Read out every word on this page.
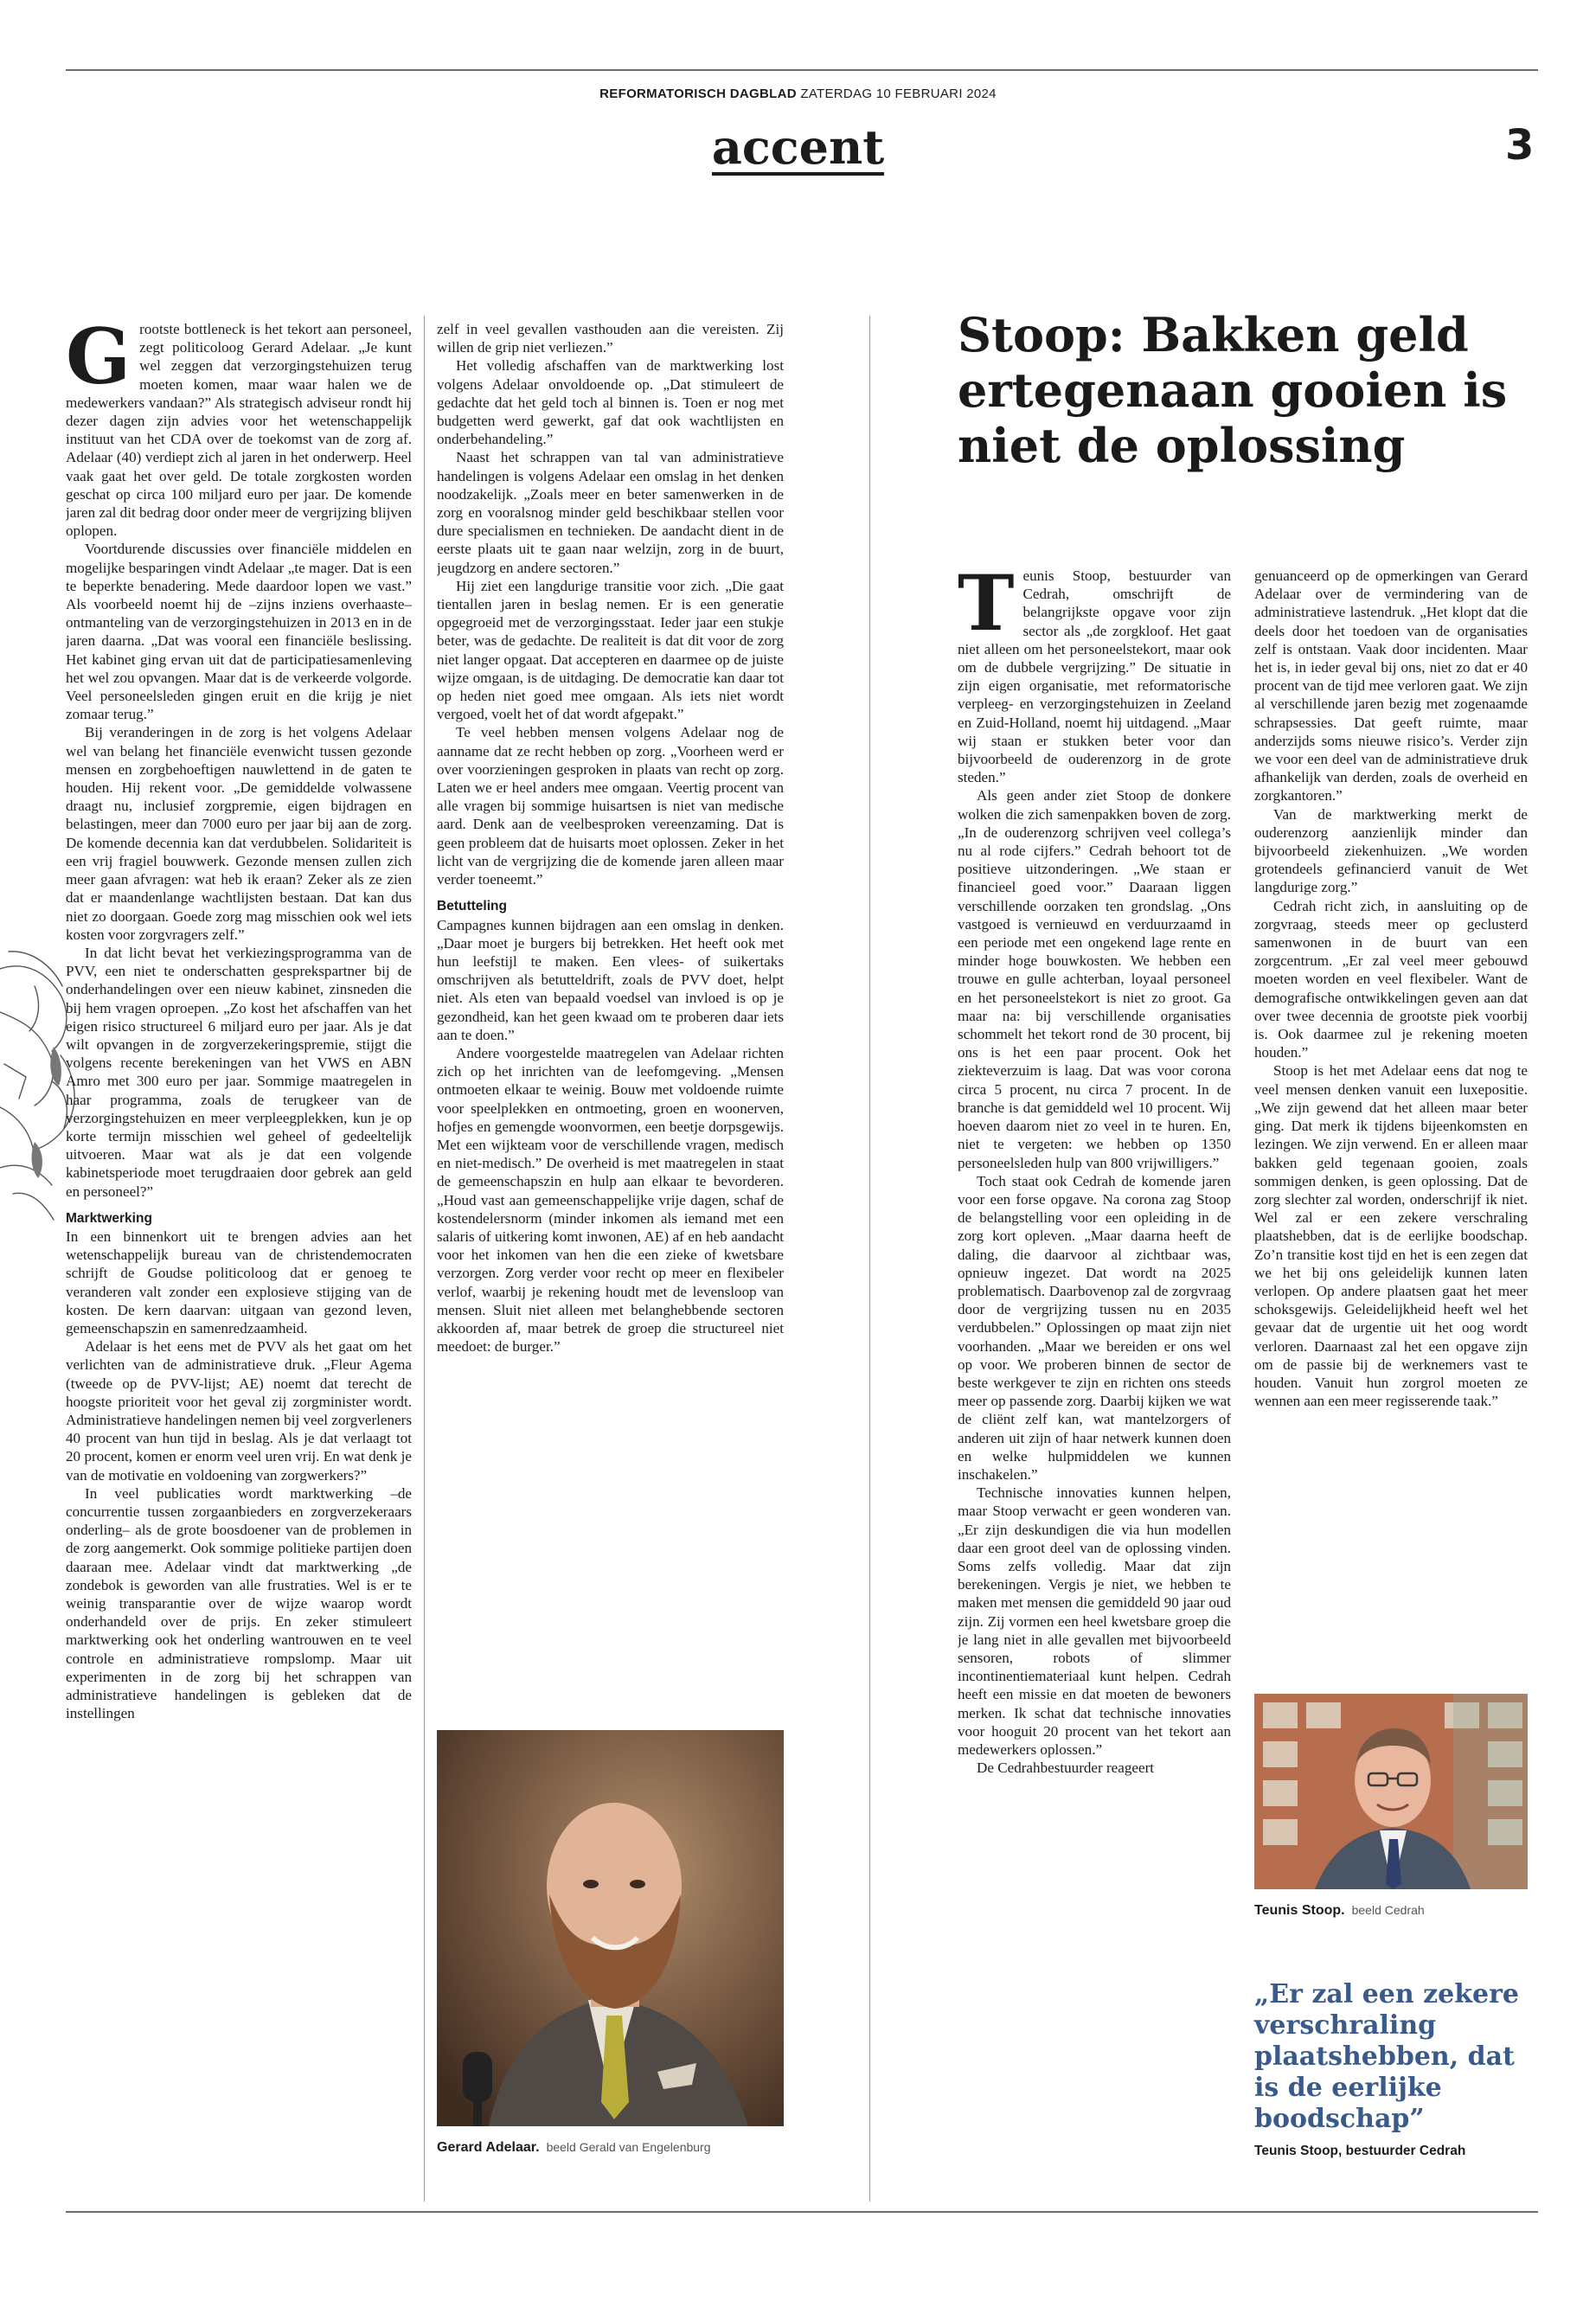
REFORMATORISCH DAGBLAD ZATERDAG 10 FEBRUARI 2024
accent	3
G rootste bottleneck is het tekort aan personeel, zegt politicoloog Gerard Adelaar. „Je kunt wel zeggen dat verzorgingstehuizen terug moeten komen, maar waar halen we de medewerkers vandaan?” Als strategisch adviseur rondt hij dezer dagen zijn advies voor het wetenschappelijk instituut van het CDA over de toekomst van de zorg af. Adelaar (40) verdiept zich al jaren in het onderwerp. Heel vaak gaat het over geld. De totale zorgkosten worden geschat op circa 100 miljard euro per jaar. De komende jaren zal dit bedrag door onder meer de vergrijzing blijven oplopen.

Voortdurende discussies over financiële middelen en mogelijke besparingen vindt Adelaar „te mager. Dat is een te beperkte benadering. Mede daardoor lopen we vast.” Als voorbeeld noemt hij de –zijns inziens overhaaste– ontmanteling van de verzorgingstehuizen in 2013 en in de jaren daarna. „Dat was vooral een financiële beslissing. Het kabinet ging ervan uit dat de participatiesamenleving het wel zou opvangen. Maar dat is de verkeerde volgorde. Veel personeelsleden gingen eruit en die krijg je niet zomaar terug.”

Bij veranderingen in de zorg is het volgens Adelaar wel van belang het financiële evenwicht tussen gezonde mensen en zorgbehoeftigen nauwlettend in de gaten te houden. Hij rekent voor. „De gemiddelde volwassene draagt nu, inclusief zorgpremie, eigen bijdragen en belastingen, meer dan 7000 euro per jaar bij aan de zorg. De komende decennia kan dat verdubbelen. Solidariteit is een vrij fragiel bouwwerk. Gezonde mensen zullen zich meer gaan afvragen: wat heb ik eraan? Zeker als ze zien dat er maandenlange wachtlijsten bestaan. Dat kan dus niet zo doorgaan. Goede zorg mag misschien ook wel iets kosten voor zorgvragers zelf.”

In dat licht bevat het verkiezingsprogramma van de PVV, een niet te onderschatten gesprekspartner bij de onderhandelingen over een nieuw kabinet, zinsneden die bij hem vragen oproepen. „Zo kost het afschaffen van het eigen risico structureel 6 miljard euro per jaar. Als je dat wilt opvangen in de zorgverzekeringspremie, stijgt die volgens recente berekeningen van het VWS en ABN Amro met 300 euro per jaar. Sommige maatregelen in haar programma, zoals de terugkeer van de verzorgingstehuizen en meer verpleegplekken, kun je op korte termijn misschien wel geheel of gedeeltelijk uitvoeren. Maar wat als je dat een volgende kabinetsperiode moet terugdraaien door gebrek aan geld en personeel?”

Marktwerking

In een binnenkort uit te brengen advies aan het wetenschappelijk bureau van de christendemocraten schrijft de Goudse politicoloog dat er genoeg te veranderen valt zonder een explosieve stijging van de kosten. De kern daarvan: uitgaan van gezond leven, gemeenschapszin en samenredzaamheid.

Adelaar is het eens met de PVV als het gaat om het verlichten van de administratieve druk. „Fleur Agema (tweede op de PVV-lijst; AE) noemt dat terecht de hoogste prioriteit voor het geval zij zorgminister wordt. Administratieve handelingen nemen bij veel zorgverleners 40 procent van hun tijd in beslag. Als je dat verlaagt tot 20 procent, komen er enorm veel uren vrij. En wat denk je van de motivatie en voldoening van zorgwerkers?”

In veel publicaties wordt marktwerking –de concurrentie tussen zorgaanbieders en zorgverzekeraars onderling– als de grote boosdoener van de problemen in de zorg aangemerkt. Ook sommige politieke partijen doen daaraan mee. Adelaar vindt dat marktwerking „de zondebok is geworden van alle frustraties. Wel is er te weinig transparantie over de wijze waarop wordt onderhandeld over de prijs. En zeker stimuleert marktwerking ook het onderling wantrouwen en te veel controle en administratieve rompslomp. Maar uit experimenten in de zorg bij het schrappen van administratieve handelingen is gebleken dat de instellingen

zelf in veel gevallen vasthouden aan die vereisten. Zij willen de grip niet verliezen.”

Het volledig afschaffen van de marktwerking lost volgens Adelaar onvoldoende op. „Dat stimuleert de gedachte dat het geld toch al binnen is. Toen er nog met budgetten werd gewerkt, gaf dat ook wachtlijsten en onderbehandeling.”

Naast het schrappen van tal van administratieve handelingen is volgens Adelaar een omslag in het denken noodzakelijk. „Zoals meer en beter samenwerken in de zorg en vooralsnog minder geld beschikbaar stellen voor dure specialismen en technieken. De aandacht dient in de eerste plaats uit te gaan naar welzijn, zorg in de buurt, jeugdzorg en andere sectoren.”

Hij ziet een langdurige transitie voor zich. „Die gaat tientallen jaren in beslag nemen. Er is een generatie opgegroeid met de verzorgingsstaat. Ieder jaar een stukje beter, was de gedachte. De realiteit is dat dit voor de zorg niet langer opgaat. Dat accepteren en daarmee op de juiste wijze omgaan, is de uitdaging. De democratie kan daar tot op heden niet goed mee omgaan. Als iets niet wordt vergoed, voelt het of dat wordt afgepakt.”

Te veel hebben mensen volgens Adelaar nog de aanname dat ze recht hebben op zorg. „Voorheen werd er over voorzieningen gesproken in plaats van recht op zorg. Laten we er heel anders mee omgaan. Veertig procent van alle vragen bij sommige huisartsen is niet van medische aard. Denk aan de veelbesproken vereenzaming. Dat is geen probleem dat de huisarts moet oplossen. Zeker in het licht van de vergrijzing die de komende jaren alleen maar verder toeneemt.”

Betutteling

Campagnes kunnen bijdragen aan een omslag in denken. „Daar moet je burgers bij betrekken. Het heeft ook met hun leefstijl te maken. Een vlees- of suikertaks omschrijven als betutteldrift, zoals de PVV doet, helpt niet. Als eten van bepaald voedsel van invloed is op je gezondheid, kan het geen kwaad om te proberen daar iets aan te doen.”

Andere voorgestelde maatregelen van Adelaar richten zich op het inrichten van de leefomgeving. „Mensen ontmoeten elkaar te weinig. Bouw met voldoende ruimte voor speelplekken en ontmoeting, groen en woonerven, hofjes en gemengde woonvormen, een beetje dorpsgewijs. Met een wijkteam voor de verschillende vragen, medisch en niet-medisch.” De overheid is met maatregelen in staat de gemeenschapszin en hulp aan elkaar te bevorderen. „Houd vast aan gemeenschappelijke vrije dagen, schaf de kostendelersnorm (minder inkomen als iemand met een salaris of uitkering komt inwonen, AE) af en heb aandacht voor het inkomen van hen die een zieke of kwetsbare verzorgen. Zorg verder voor recht op meer en flexibeler verlof, waarbij je rekening houdt met de levensloop van mensen. Sluit niet alleen met belanghebbende sectoren akkoorden af, maar betrek de groep die structureel niet meedoet: de burger.”

Gerard Adelaar. beeld Gerald van Engelenburg
Stoop: Bakken geld ertegenaan gooien is niet de oplossing
T eunis Stoop, bestuurder van Cedrah, omschrijft de belangrijkste opgave voor zijn sector als „de zorgkloof. Het gaat niet alleen om het personeelstekort, maar ook om de dubbele vergrijzing.” De situatie in zijn eigen organisatie, met reformatorische verpleeg- en verzorgingstehuizen in Zeeland en Zuid-Holland, noemt hij uitdagend. „Maar wij staan er stukken beter voor dan bijvoorbeeld de ouderenzorg in de grote steden.”

Als geen ander ziet Stoop de donkere wolken die zich samenpakken boven de zorg. „In de ouderenzorg schrijven veel collega’s nu al rode cijfers.” Cedrah behoort tot de positieve uitzonderingen. „We staan er financieel goed voor.” Daaraan liggen verschillende oorzaken ten grondslag. „Ons vastgoed is vernieuwd en verduurzaamd in een periode met een ongekend lage rente en minder hoge bouwkosten. We hebben een trouwe en gulle achterban, loyaal personeel en het personeelstekort is niet zo groot. Ga maar na: bij verschillende organisaties schommelt het tekort rond de 30 procent, bij ons is het een paar procent. Ook het ziekteverzuim is laag. Dat was voor corona circa 5 procent, nu circa 7 procent. In de branche is dat gemiddeld wel 10 procent. Wij hoeven daarom niet zo veel in te huren. En, niet te vergeten: we hebben op 1350 personeelsleden hulp van 800 vrijwilligers.”

Toch staat ook Cedrah de komende jaren voor een forse opgave. Na corona zag Stoop de belangstelling voor een opleiding in de zorg kort opleven. „Maar daarna heeft de daling, die daarvoor al zichtbaar was, opnieuw ingezet. Dat wordt na 2025 problematisch. Daarbovenop zal de zorgvraag door de vergrijzing tussen nu en 2035 verdubbelen.” Oplossingen op maat zijn niet voorhanden. „Maar we bereiden er ons wel op voor. We proberen binnen de sector de beste werkgever te zijn en richten ons steeds meer op passende zorg. Daarbij kijken we wat de cliënt zelf kan, wat mantelzorgers of anderen uit zijn of haar netwerk kunnen doen en welke hulpmiddelen we kunnen inschakelen.”

Technische innovaties kunnen helpen, maar Stoop verwacht er geen wonderen van. „Er zijn deskundigen die via hun modellen daar een groot deel van de oplossing vinden. Soms zelfs volledig. Maar dat zijn berekeningen. Vergis je niet, we hebben te maken met mensen die gemiddeld 90 jaar oud zijn. Zij vormen een heel kwetsbare groep die je lang niet in alle gevallen met bijvoorbeeld sensoren, robots of slimmer incontinentiemateriaal kunt helpen. Cedrah heeft een missie en dat moeten de bewoners merken. Ik schat dat technische innovaties voor hooguit 20 procent van het tekort aan medewerkers oplossen.”

De Cedrahbestuurder reageert

genuanceerd op de opmerkingen van Gerard Adelaar over de vermindering van de administratieve lastendruk. „Het klopt dat die deels door het toedoen van de organisaties zelf is ontstaan. Vaak door incidenten. Maar het is, in ieder geval bij ons, niet zo dat er 40 procent van de tijd mee verloren gaat. We zijn al verschillende jaren bezig met zogenaamde schrapsessies. Dat geeft ruimte, maar anderzijds soms nieuwe risico’s. Verder zijn we voor een deel van de administratieve druk afhankelijk van derden, zoals de overheid en zorgkantoren.”

Van de marktwerking merkt de ouderenzorg aanzienlijk minder dan bijvoorbeeld ziekenhuizen. „We worden grotendeels gefinancierd vanuit de Wet langdurige zorg.”

Cedrah richt zich, in aansluiting op de zorgvraag, steeds meer op geclusterd samenwonen in de buurt van een zorgcentrum. „Er zal veel meer gebouwd moeten worden en veel flexibeler. Want de demografische ontwikkelingen geven aan dat over twee decennia de grootste piek voorbij is. Ook daarmee zul je rekening moeten houden.”

Stoop is het met Adelaar eens dat nog te veel mensen denken vanuit een luxepositie. „We zijn gewend dat het alleen maar beter ging. Dat merk ik tijdens bijeenkomsten en lezingen. We zijn verwend. En er alleen maar bakken geld tegenaan gooien, zoals sommigen denken, is geen oplossing. Dat de zorg slechter zal worden, onderschrijf ik niet. Wel zal er een zekere verschraling plaatshebben, dat is de eerlijke boodschap. Zo’n transitie kost tijd en het is een zegen dat we het bij ons geleidelijk kunnen laten verlopen. Op andere plaatsen gaat het meer schoksgewijs. Geleidelijkheid heeft wel het gevaar dat de urgentie uit het oog wordt verloren. Daarnaast zal het een opgave zijn om de passie bij de werknemers vast te houden. Vanuit hun zorgrol moeten ze wennen aan een meer regisserende taak.”

Teunis Stoop. beeld Cedrah

„Er zal een zekere verschraling plaatshebben, dat is de eerlijke boodschap”

Teunis Stoop, bestuurder Cedrah
